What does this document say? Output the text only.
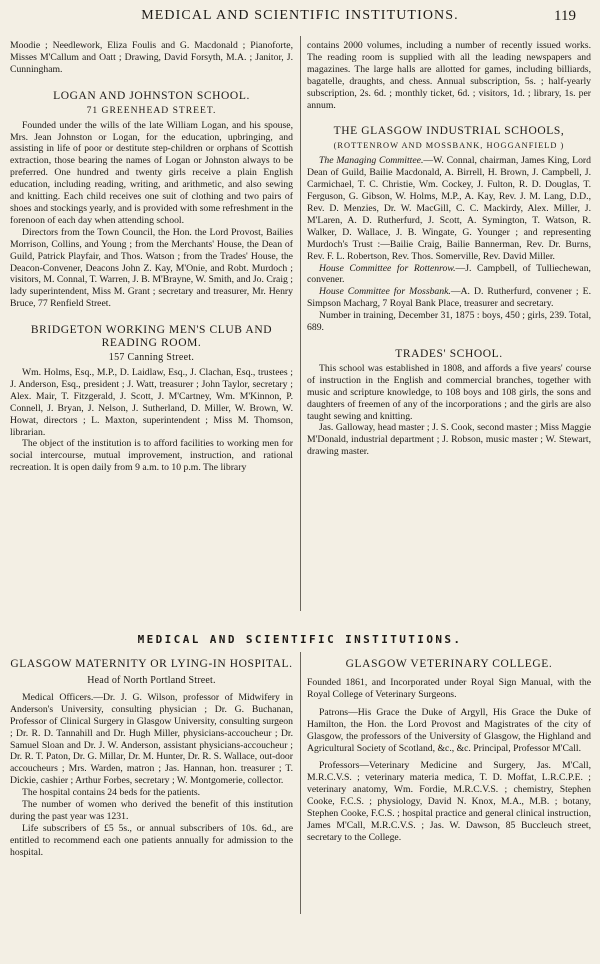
MEDICAL AND SCIENTIFIC INSTITUTIONS.	119

Moodie ; Needlework, Eliza Foulis and G. Macdonald ; Pianoforte, Misses M'Callum and Oatt ; Drawing, David Forsyth, M.A. ; Janitor, J. Cunningham.

LOGAN AND JOHNSTON SCHOOL.
71 GREENHEAD STREET.

Founded under the wills of the late William Logan, and his spouse, Mrs. Jean Johnston or Logan, for the education, upbringing, and assisting in life of poor or destitute step-children or orphans of Scottish extraction, those bearing the names of Logan or Johnston always to be preferred. One hundred and twenty girls receive a plain English education, including reading, writing, and arithmetic, and also sewing and knitting. Each child receives one suit of clothing and two pairs of shoes and stockings yearly, and is provided with some refreshment in the forenoon of each day when attending school.

Directors from the Town Council, the Hon. the Lord Provost, Bailies Morrison, Collins, and Young ; from the Merchants' House, the Dean of Guild, Patrick Playfair, and Thos. Watson ; from the Trades' House, the Deacon-Convener, Deacons John Z. Kay, M'Onie, and Robt. Murdoch ; visitors, M. Connal, T. Warren, J. B. M'Brayne, W. Smith, and Jo. Craig ; lady superintendent, Miss M. Grant ; secretary and treasurer, Mr. Henry Bruce, 77 Renfield Street.

BRIDGETON WORKING MEN'S CLUB AND READING ROOM.
157 Canning Street.

Wm. Holms, Esq., M.P., D. Laidlaw, Esq., J. Clachan, Esq., trustees ; J. Anderson, Esq., president ; J. Watt, treasurer ; John Taylor, secretary ; Alex. Mair, T. Fitzgerald, J. Scott, J. M'Cartney, Wm. M'Kinnon, P. Connell, J. Bryan, J. Nelson, J. Sutherland, D. Miller, W. Brown, W. Howat, directors ; L. Maxton, superintendent ; Miss M. Thomson, librarian.

The object of the institution is to afford facilities to working men for social intercourse, mutual improvement, instruction, and rational recreation. It is open daily from 9 a.m. to 10 p.m. The library

contains 2000 volumes, including a number of recently issued works. The reading room is supplied with all the leading newspapers and magazines. The large halls are allotted for games, including billiards, bagatelle, draughts, and chess. Annual subscription, 5s. ; half-yearly subscription, 2s. 6d. ; monthly ticket, 6d. ; visitors, 1d. ; library, 1s. per annum.

THE GLASGOW INDUSTRIAL SCHOOLS,
(ROTTENROW AND MOSSBANK, HOGGANFIELD )

The Managing Committee.—W. Connal, chairman, James King, Lord Dean of Guild, Bailie Macdonald, A. Birrell, H. Brown, J. Campbell, J. Carmichael, T. C. Christie, Wm. Cockey, J. Fulton, R. D. Douglas, T. Ferguson, G. Gibson, W. Holms, M.P., A. Kay, Rev. J. M. Lang, D.D., Rev. D. Menzies, Dr. W. MacGill, C. C. Mackirdy, Alex. Miller, J. M'Laren, A. D. Rutherfurd, J. Scott, A. Symington, T. Watson, R. Walker, D. Wallace, J. B. Wingate, G. Younger ; and representing Murdoch's Trust :—Bailie Craig, Bailie Bannerman, Rev. Dr. Burns, Rev. F. L. Robertson, Rev. Thos. Somerville, Rev. David Miller.

House Committee for Rottenrow.—J. Campbell, of Tulliechewan, convener.

House Committee for Mossbank.—A. D. Rutherfurd, convener ; E. Simpson Macharg, 7 Royal Bank Place, treasurer and secretary.

Number in training, December 31, 1875 : boys, 450 ; girls, 239. Total, 689.

TRADES' SCHOOL.

This school was established in 1808, and affords a five years' course of instruction in the English and commercial branches, together with music and scripture knowledge, to 108 boys and 108 girls, the sons and daughters of freemen of any of the incorporations ; and the girls are also taught sewing and knitting.

Jas. Galloway, head master ; J. S. Cook, second master ; Miss Maggie M'Donald, industrial department ; J. Robson, music master ; W. Stewart, drawing master.

MEDICAL AND SCIENTIFIC INSTITUTIONS.
GLASGOW MATERNITY OR LYING-IN HOSPITAL.
Head of North Portland Street.

Medical Officers.—Dr. J. G. Wilson, professor of Midwifery in Anderson's University, consulting physician ; Dr. G. Buchanan, Professor of Clinical Surgery in Glasgow University, consulting surgeon ; Dr. R. D. Tannahill and Dr. Hugh Miller, physicians-accoucheur ; Dr. Samuel Sloan and Dr. J. W. Anderson, assistant physicians-accoucheur ; Dr. R. T. Paton, Dr. G. Millar, Dr. M. Hunter, Dr. R. S. Wallace, out-door accoucheurs ; Mrs. Warden, matron ; Jas. Hannan, hon. treasurer ; T. Dickie, cashier ; Arthur Forbes, secretary ; W. Montgomerie, collector.

The hospital contains 24 beds for the patients.

The number of women who derived the benefit of this institution during the past year was 1231.

Life subscribers of £5 5s., or annual subscribers of 10s. 6d., are entitled to recommend each one patients annually for admission to the hospital.

GLASGOW VETERINARY COLLEGE.

Founded 1861, and Incorporated under Royal Sign Manual, with the Royal College of Veterinary Surgeons.

Patrons—His Grace the Duke of Argyll, His Grace the Duke of Hamilton, the Hon. the Lord Provost and Magistrates of the city of Glasgow, the professors of the University of Glasgow, the Highland and Agricultural Society of Scotland, &c., &c. Principal, Professor M'Call.

Professors—Veterinary Medicine and Surgery, Jas. M'Call, M.R.C.V.S. ; veterinary materia medica, T. D. Moffat, L.R.C.P.E. ; veterinary anatomy, Wm. Fordie, M.R.C.V.S. ; chemistry, Stephen Cooke, F.C.S. ; physiology, David N. Knox, M.A., M.B. ; botany, Stephen Cooke, F.C.S. ; hospital practice and general clinical instruction, James M'Call, M.R.C.V.S. ; Jas. W. Dawson, 85 Buccleuch street, secretary to the College.
